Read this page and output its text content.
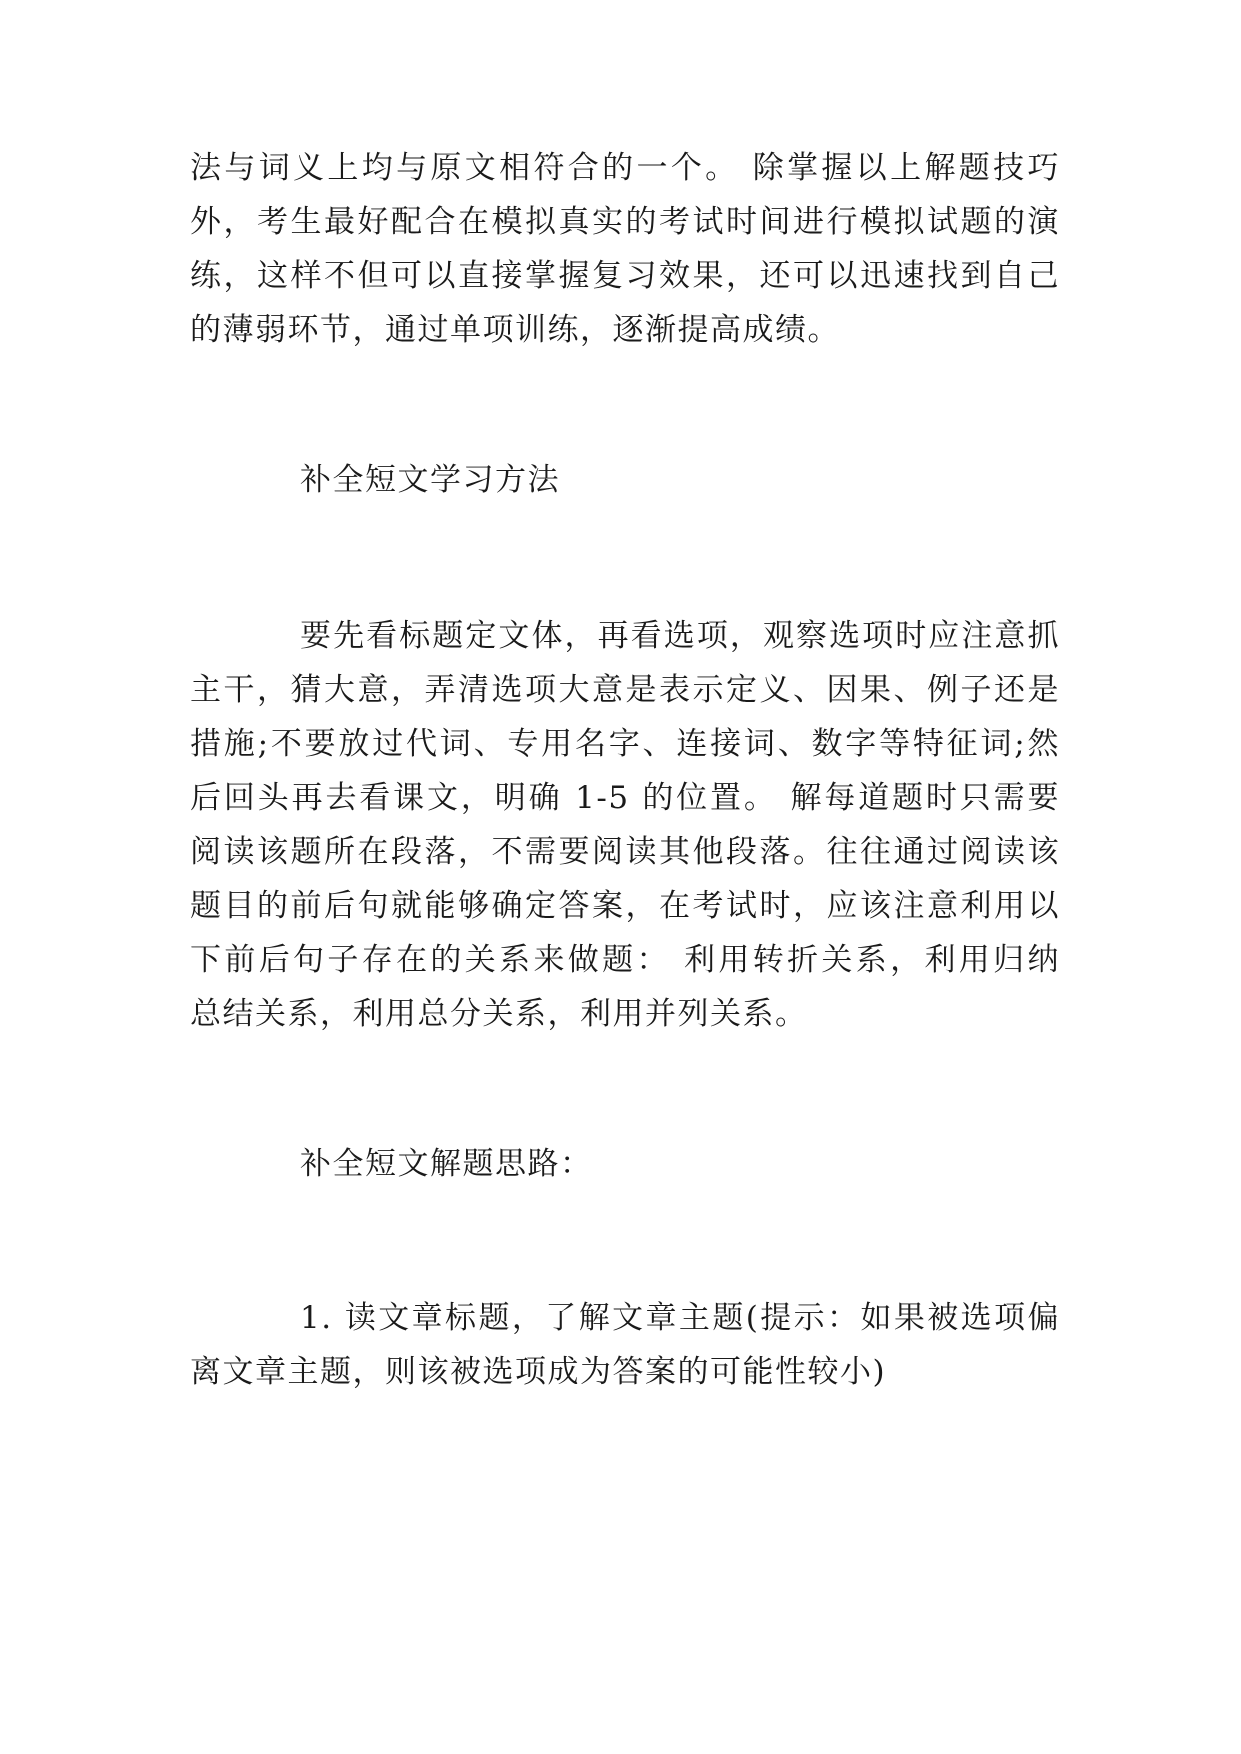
法与词义上均与原文相符合的一个。 除掌握以上解题技巧
外，考生最好配合在模拟真实的考试时间进行模拟试题的演
练，这样不但可以直接掌握复习效果，还可以迅速找到自己
的薄弱环节，通过单项训练，逐渐提高成绩。
补全短文学习方法
要先看标题定文体，再看选项，观察选项时应注意抓
主干，猜大意，弄清选项大意是表示定义、因果、例子还是
措施;不要放过代词、专用名字、连接词、数字等特征词;然
后回头再去看课文，明确 1-5 的位置。 解每道题时只需要
阅读该题所在段落，不需要阅读其他段落。往往通过阅读该
题目的前后句就能够确定答案，在考试时，应该注意利用以
下前后句子存在的关系来做题： 利用转折关系，利用归纳
总结关系，利用总分关系，利用并列关系。
补全短文解题思路：
1. 读文章标题，了解文章主题(提示：如果被选项偏
离文章主题，则该被选项成为答案的可能性较小)
